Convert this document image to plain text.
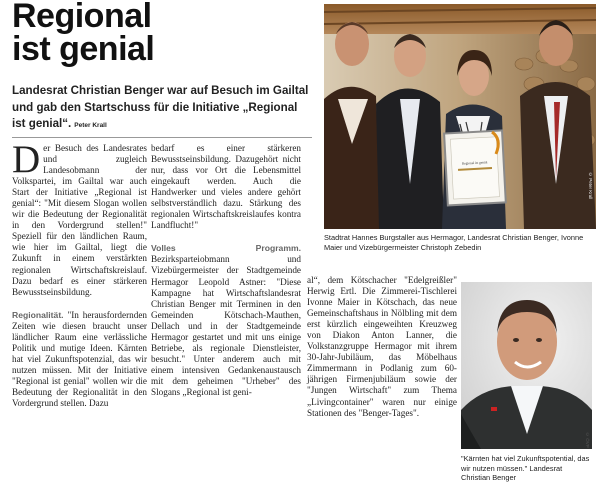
Regional
ist genial
Landesrat Christian Benger war auf Besuch im Gailtal und gab den Startschuss für die Initiative „Regional ist genial“. Peter Krall

Der Besuch des Landesrates und zugleich Landesobmann der Volkspartei, im Gailtal war auch Start der Initiative „Regional ist genial“: "Mit diesem Slogan wollen wir die Bedeutung der Regionalität in den Vordergrund stellen!" Speziell für den ländlichen Raum, wie hier im Gailtal, liegt die Zukunft in einem verstärkten regionalen Wirtschaftskreislauf. Dazu bedarf es einer stärkeren Bewusstseinsbildung.

Regionalität. "In herausfordernden Zeiten wie diesen braucht unser ländlicher Raum eine verlässliche Politik und mutige Ideen. Kärnten hat viel Zukunftspotenzial, das wir nutzen müssen. Mit der Initiative "Regional ist genial" wollen wir die Bedeutung der Regionalität in den Vordergrund stellen. Dazu

bedarf es einer stärkeren Bewusstseinsbildung. Dazugehört nicht nur, dass vor Ort die Lebensmittel eingekauft werden. Auch die Handwerker und vieles andere gehört selbstverständlich dazu. Stärkung des regionalen Wirtschaftskreislaufes kontra Landflucht!"

Volles Programm. Bezirksparteiobmann und Vizebürgermeister der Stadtgemeinde Hermagor Leopold Astner: "Diese Kampagne hat Wirtschaftslandesrat Christian Benger mit Terminen in den Gemeinden Kötschach-Mauthen, Dellach und in der Stadtgemeinde Hermagor gestartet und mit uns einige Betriebe, als regionale Dienstleister, besucht." Unter anderem auch mit einem intensiven Gedankenaustausch mit dem geheimen "Urheber" des Slogans „Regional ist geni-

al“, dem Kötschacher "Edelgreißler" Herwig Ertl. Die Zimmerei-Tischlerei Ivonne Maier in Kötschach, das neue Gemeinschaftshaus in Nölbling mit dem erst kürzlich eingeweihten Kreuzweg von Diakon Anton Lanner, die Volkstanzgruppe Hermagor mit ihrem 30-Jahr-Jubiläum, das Möbelhaus Zimmermann in Podlanig zum 60-jährigen Firmenjubiläum sowie der "Jungen Wirtschaft" zum Thema „Livingcontainer" waren nur einige Stationen des "Benger-Tages".

Regional ist genial
© Peter Krall
Stadtrat Hannes Burgstaller aus Hermagor, Landesrat Christian Benger, Ivonne Maier und Vizebürgermeister Christoph Zebedin
© ÖVP
"Kärnten hat viel Zukunftspotential, das wir nutzen müssen." Landesrat Christian Benger
